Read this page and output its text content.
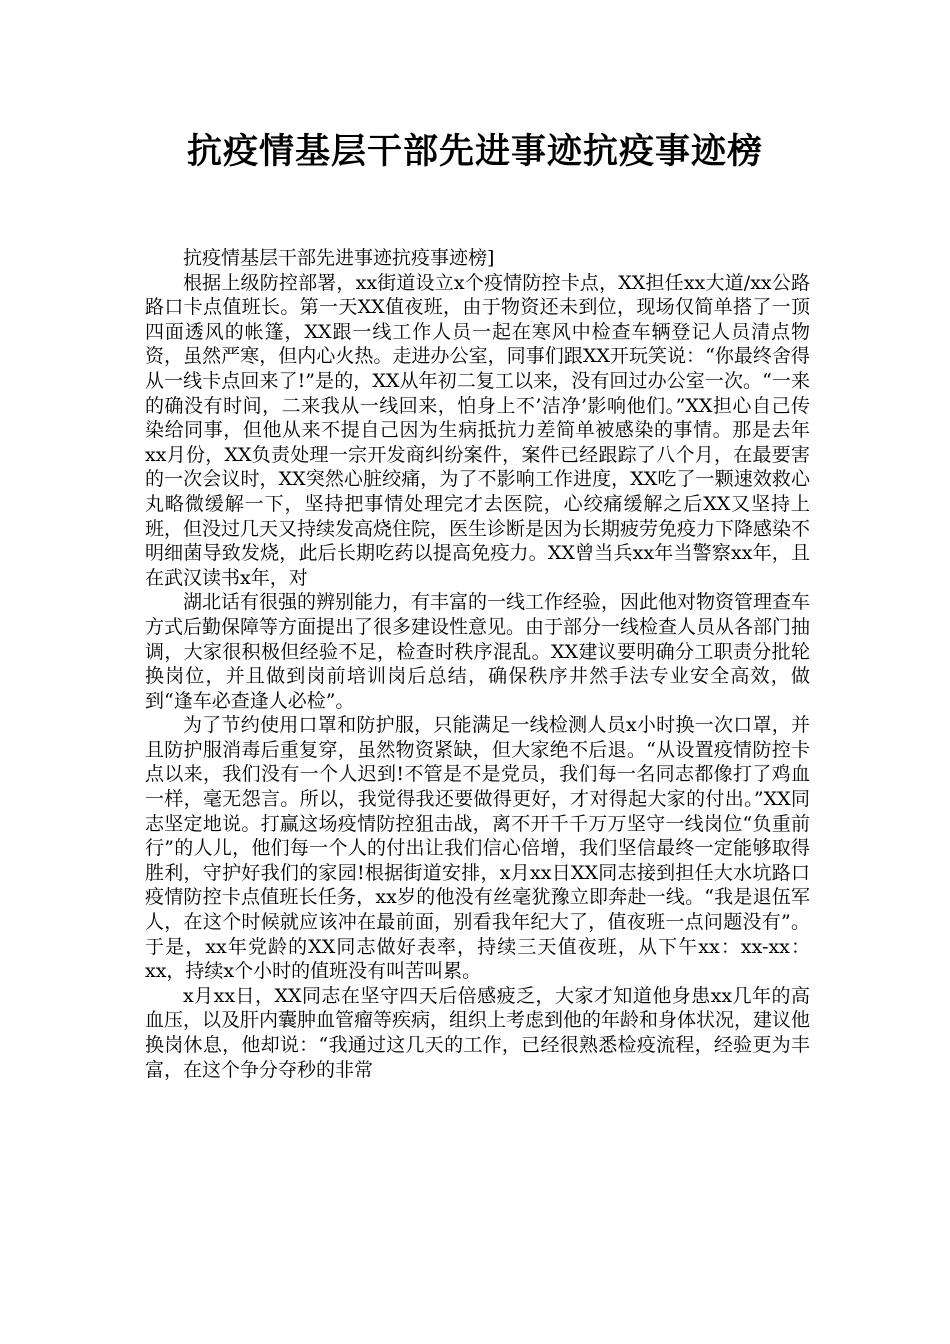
抗疫情基层干部先进事迹抗疫事迹榜

抗疫情基层干部先进事迹抗疫事迹榜]

根据上级防控部署，xx街道设立x个疫情防控卡点，XX担任xx大道/xx公路路口卡点值班长。第一天XX值夜班，由于物资还未到位，现场仅简单搭了一顶四面透风的帐篷，XX跟一线工作人员一起在寒风中检查车辆登记人员清点物资，虽然严寒，但内心火热。走进办公室，同事们跟XX开玩笑说：“你最终舍得从一线卡点回来了!”是的，XX从年初二复工以来，没有回过办公室一次。“一来的确没有时间，二来我从一线回来，怕身上不’洁净’影响他们。”XX担心自己传染给同事，但他从来不提自己因为生病抵抗力差简单被感染的事情。那是去年xx月份，XX负责处理一宗开发商纠纷案件，案件已经跟踪了八个月，在最要害的一次会议时，XX突然心脏绞痛，为了不影响工作进度，XX吃了一颗速效救心丸略微缓解一下，坚持把事情处理完才去医院，心绞痛缓解之后XX又坚持上班，但没过几天又持续发高烧住院，医生诊断是因为长期疲劳免疫力下降感染不明细菌导致发烧，此后长期吃药以提高免疫力。XX曾当兵xx年当警察xx年，且在武汉读书x年，对

湖北话有很强的辨别能力，有丰富的一线工作经验，因此他对物资管理查车方式后勤保障等方面提出了很多建设性意见。由于部分一线检查人员从各部门抽调，大家很积极但经验不足，检查时秩序混乱。XX建议要明确分工职责分批轮换岗位，并且做到岗前培训岗后总结，确保秩序井然手法专业安全高效，做到“逢车必查逢人必检”。

为了节约使用口罩和防护服，只能满足一线检测人员x小时换一次口罩，并且防护服消毒后重复穿，虽然物资紧缺，但大家绝不后退。“从设置疫情防控卡点以来，我们没有一个人迟到!不管是不是党员，我们每一名同志都像打了鸡血一样，毫无怨言。所以，我觉得我还要做得更好，才对得起大家的付出。”XX同志坚定地说。打赢这场疫情防控狙击战，离不开千千万万坚守一线岗位“负重前行”的人儿，他们每一个人的付出让我们信心倍增，我们坚信最终一定能够取得胜利，守护好我们的家园!根据街道安排，x月xx日XX同志接到担任大水坑路口疫情防控卡点值班长任务，xx岁的他没有丝毫犹豫立即奔赴一线。“我是退伍军人，在这个时候就应该冲在最前面，别看我年纪大了，值夜班一点问题没有”。于是，xx年党龄的XX同志做好表率，持续三天值夜班，从下午xx：xx-xx：xx，持续x个小时的值班没有叫苦叫累。

x月xx日，XX同志在坚守四天后倍感疲乏，大家才知道他身患xx几年的高血压，以及肝内囊肿血管瘤等疾病，组织上考虑到他的年龄和身体状况，建议他换岗休息，他却说：“我通过这几天的工作，已经很熟悉检疫流程，经验更为丰富，在这个争分夺秒的非常
